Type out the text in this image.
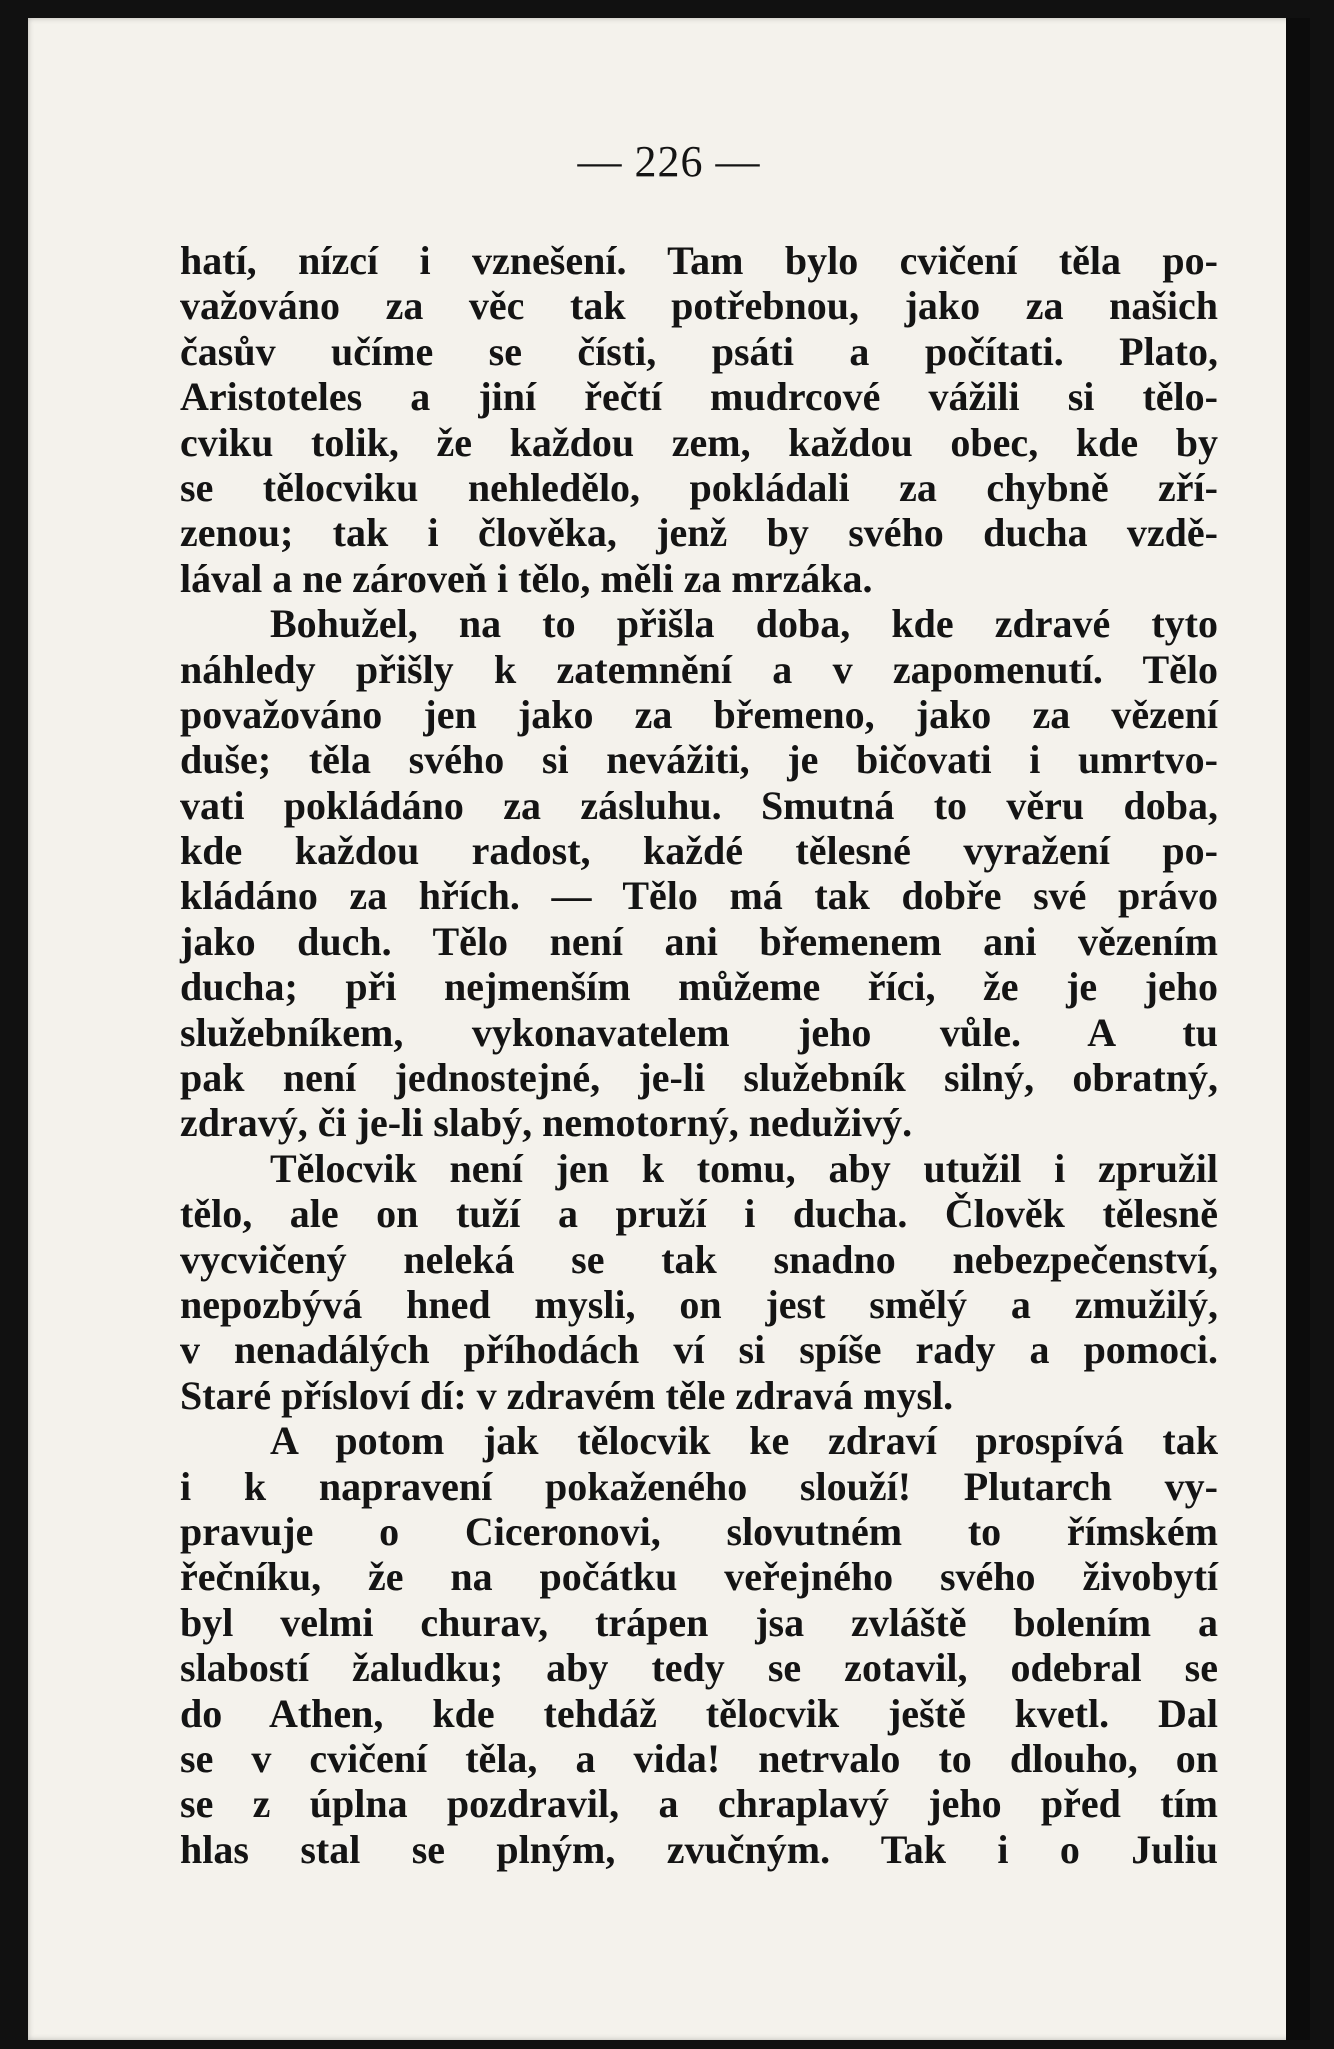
— 226 —
hatí, nízcí i vznešení. Tam bylo cvičení těla po-
važováno za věc tak potřebnou, jako za našich
časův učíme se čísti, psáti a počítati. Plato,
Aristoteles a jiní řečtí mudrcové vážili si tělo-
cviku tolik, že každou zem, každou obec, kde by
se tělocviku nehledělo, pokládali za chybně zří-
zenou; tak i člověka, jenž by svého ducha vzdě-
lával a ne zároveň i tělo, měli za mrzáka.
Bohužel, na to přišla doba, kde zdravé tyto
náhledy přišly k zatemnění a v zapomenutí. Tělo
považováno jen jako za břemeno, jako za vězení
duše; těla svého si nevážiti, je bičovati i umrtvo-
vati pokládáno za zásluhu. Smutná to věru doba,
kde každou radost, každé tělesné vyražení po-
kládáno za hřích. — Tělo má tak dobře své právo
jako duch. Tělo není ani břemenem ani vězením
ducha; při nejmenším můžeme říci, že je jeho
služebníkem, vykonavatelem jeho vůle. A tu
pak není jednostejné, je-li služebník silný, obratný,
zdravý, či je-li slabý, nemotorný, neduživý.
Tělocvik není jen k tomu, aby utužil i zpružil
tělo, ale on tuží a pruží i ducha. Člověk tělesně
vycvičený neleká se tak snadno nebezpečenství,
nepozbývá hned mysli, on jest smělý a zmužilý,
v nenadálých příhodách ví si spíše rady a pomoci.
Staré přísloví dí: v zdravém těle zdravá mysl.
A potom jak tělocvik ke zdraví prospívá tak
i k napravení pokaženého slouží! Plutarch vy-
pravuje o Ciceronovi, slovutném to římském
řečníku, že na počátku veřejného svého živobytí
byl velmi churav, trápen jsa zvláště bolením a
slabostí žaludku; aby tedy se zotavil, odebral se
do Athen, kde tehdáž tělocvik ještě kvetl. Dal
se v cvičení těla, a vida! netrvalo to dlouho, on
se z úplna pozdravil, a chraplavý jeho před tím
hlas stal se plným, zvučným. Tak i o Juliu
